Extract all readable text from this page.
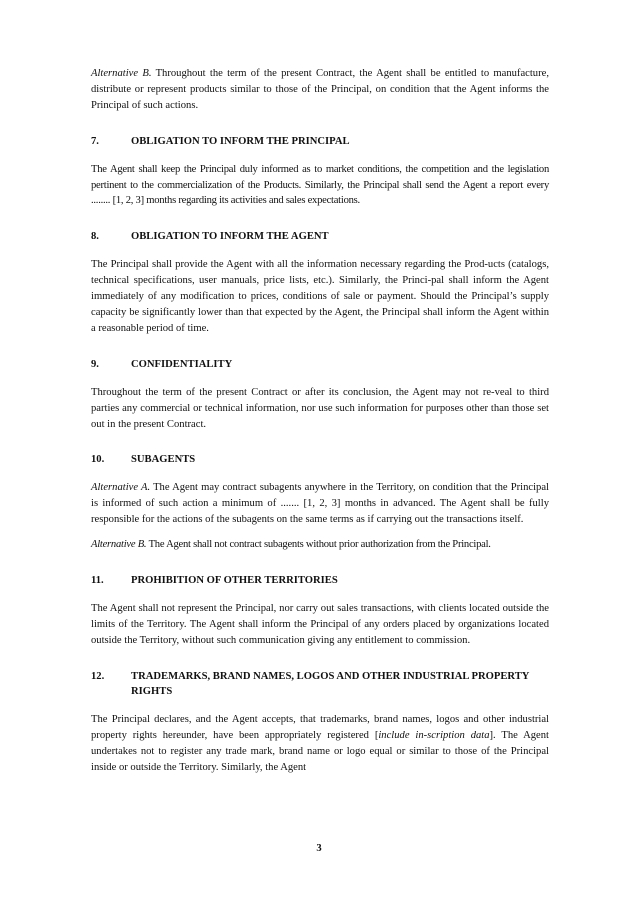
Alternative B. Throughout the term of the present Contract, the Agent shall be entitled to manufacture, distribute or represent products similar to those of the Principal, on condition that the Agent informs the Principal of such actions.

7.	OBLIGATION TO INFORM THE PRINCIPAL

The Agent shall keep the Principal duly informed as to market conditions, the competition and the legislation pertinent to the commercialization of the Products. Similarly, the Principal shall send the Agent a report every ........ [1, 2, 3] months regarding its activities and sales expectations.

8.	OBLIGATION TO INFORM THE AGENT

The Principal shall provide the Agent with all the information necessary regarding the Prod-ucts (catalogs, technical specifications, user manuals, price lists, etc.). Similarly, the Princi-pal shall inform the Agent immediately of any modification to prices, conditions of sale or payment. Should the Principal’s supply capacity be significantly lower than that expected by the Agent, the Principal shall inform the Agent within a reasonable period of time.

9.	CONFIDENTIALITY

Throughout the term of the present Contract or after its conclusion, the Agent may not re-veal to third parties any commercial or technical information, nor use such information for purposes other than those set out in the present Contract.

10.	SUBAGENTS

Alternative A. The Agent may contract subagents anywhere in the Territory, on condition that the Principal is informed of such action a minimum of ....... [1, 2, 3] months in advanced. The Agent shall be fully responsible for the actions of the subagents on the same terms as if carrying out the transactions itself.

Alternative B. The Agent shall not contract subagents without prior authorization from the Principal.

11.	PROHIBITION OF OTHER TERRITORIES

The Agent shall not represent the Principal, nor carry out sales transactions, with clients located outside the limits of the Territory. The Agent shall inform the Principal of any orders placed by organizations located outside the Territory, without such communication giving any entitlement to commission.

12.	TRADEMARKS, BRAND NAMES, LOGOS AND OTHER INDUSTRIAL PROPERTY RIGHTS

The Principal declares, and the Agent accepts, that trademarks, brand names, logos and other industrial property rights hereunder, have been appropriately registered [include in-scription data]. The Agent undertakes not to register any trade mark, brand name or logo equal or similar to those of the Principal inside or outside the Territory. Similarly, the Agent

3
